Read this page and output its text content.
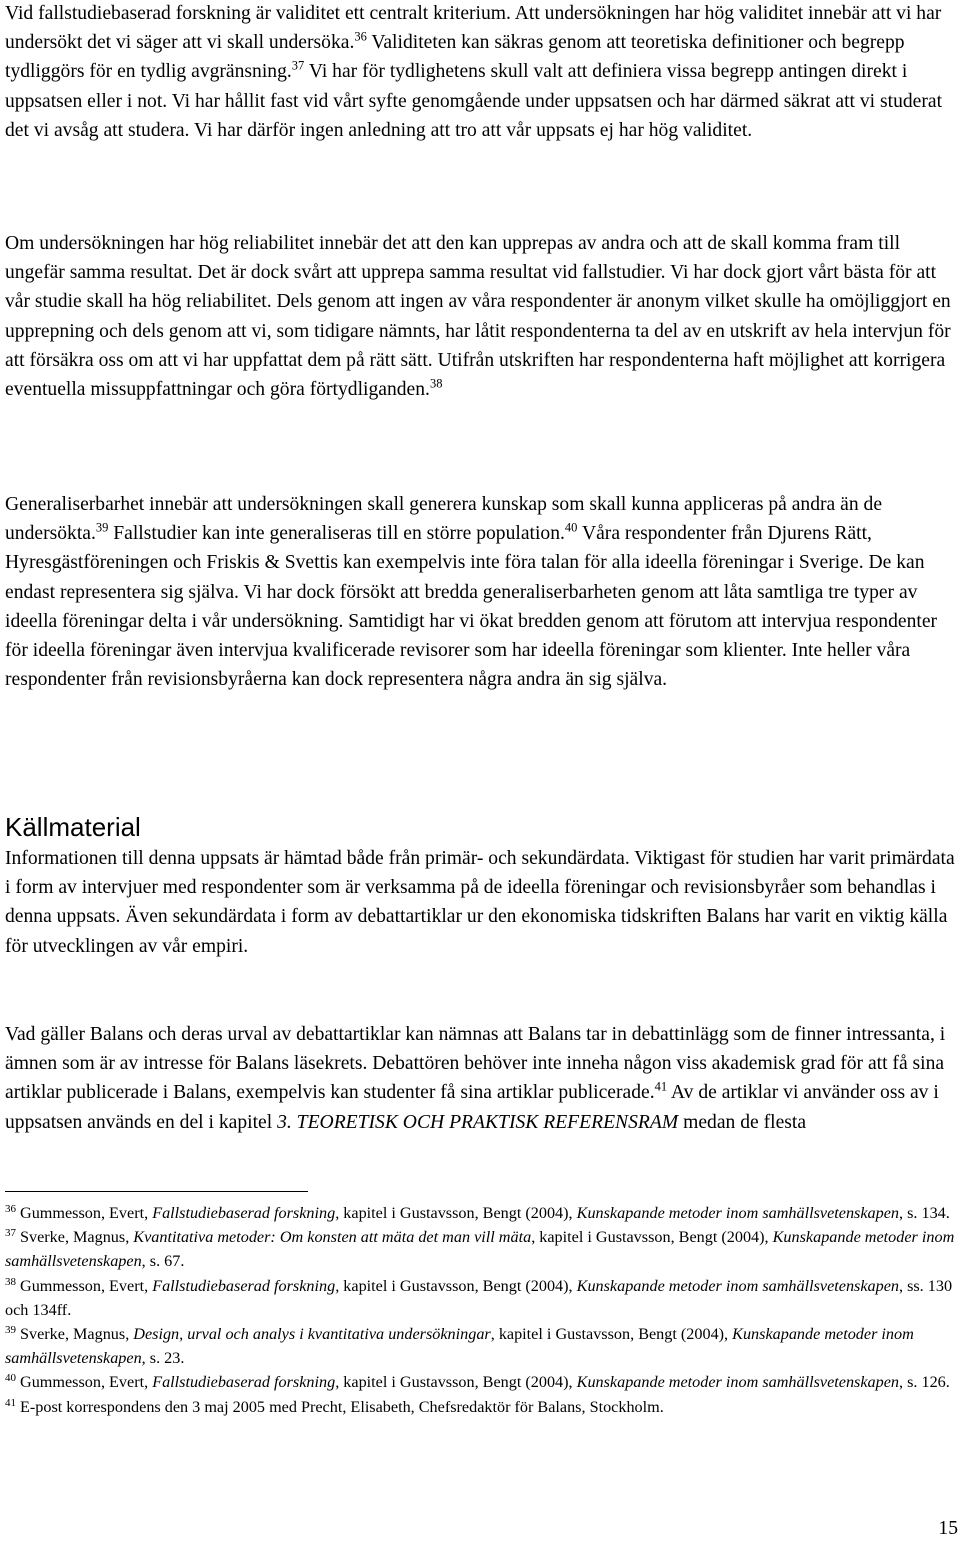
Vid fallstudiebaserad forskning är validitet ett centralt kriterium. Att undersökningen har hög validitet innebär att vi har undersökt det vi säger att vi skall undersöka.$^{36}$ Validiteten kan säkras genom att teoretiska definitioner och begrepp tydliggörs för en tydlig avgränsning.$^{37}$ Vi har för tydlighetens skull valt att definiera vissa begrepp antingen direkt i uppsatsen eller i not. Vi har hållit fast vid vårt syfte genomgående under uppsatsen och har därmed säkrat att vi studerat det vi avsåg att studera. Vi har därför ingen anledning att tro att vår uppsats ej har hög validitet.

Om undersökningen har hög reliabilitet innebär det att den kan upprepas av andra och att de skall komma fram till ungefär samma resultat. Det är dock svårt att upprepa samma resultat vid fallstudier. Vi har dock gjort vårt bästa för att vår studie skall ha hög reliabilitet. Dels genom att ingen av våra respondenter är anonym vilket skulle ha omöjliggjort en upprepning och dels genom att vi, som tidigare nämnts, har låtit respondenterna ta del av en utskrift av hela intervjun för att försäkra oss om att vi har uppfattat dem på rätt sätt. Utifrån utskriften har respondenterna haft möjlighet att korrigera eventuella missuppfattningar och göra förtydliganden.$^{38}$

Generaliserbarhet innebär att undersökningen skall generera kunskap som skall kunna appliceras på andra än de undersökta.$^{39}$ Fallstudier kan inte generaliseras till en större population.$^{40}$ Våra respondenter från Djurens Rätt, Hyresgästföreningen och Friskis & Svettis kan exempelvis inte föra talan för alla ideella föreningar i Sverige. De kan endast representera sig själva. Vi har dock försökt att bredda generaliserbarheten genom att låta samtliga tre typer av ideella föreningar delta i vår undersökning. Samtidigt har vi ökat bredden genom att förutom att intervjua respondenter för ideella föreningar även intervjua kvalificerade revisorer som har ideella föreningar som klienter. Inte heller våra respondenter från revisionsbyråerna kan dock representera några andra än sig själva.

Källmaterial

Informationen till denna uppsats är hämtad både från primär- och sekundärdata. Viktigast för studien har varit primärdata i form av intervjuer med respondenter som är verksamma på de ideella föreningar och revisionsbyråer som behandlas i denna uppsats. Även sekundärdata i form av debattartiklar ur den ekonomiska tidskriften Balans har varit en viktig källa för utvecklingen av vår empiri.

Vad gäller Balans och deras urval av debattartiklar kan nämnas att Balans tar in debattinlägg som de finner intressanta, i ämnen som är av intresse för Balans läsekrets. Debattören behöver inte inneha någon viss akademisk grad för att få sina artiklar publicerade i Balans, exempelvis kan studenter få sina artiklar publicerade.$^{41}$ Av de artiklar vi använder oss av i uppsatsen används en del i kapitel 3. TEORETISK OCH PRAKTISK REFERENSRAM medan de flesta

$^{36}$ Gummesson, Evert, Fallstudiebaserad forskning, kapitel i Gustavsson, Bengt (2004), Kunskapande metoder inom samhällsvetenskapen, s. 134.

$^{37}$ Sverke, Magnus, Kvantitativa metoder: Om konsten att mäta det man vill mäta, kapitel i Gustavsson, Bengt (2004), Kunskapande metoder inom samhällsvetenskapen, s. 67.

$^{38}$ Gummesson, Evert, Fallstudiebaserad forskning, kapitel i Gustavsson, Bengt (2004), Kunskapande metoder inom samhällsvetenskapen, ss. 130 och 134ff.

$^{39}$ Sverke, Magnus, Design, urval och analys i kvantitativa undersökningar, kapitel i Gustavsson, Bengt (2004), Kunskapande metoder inom samhällsvetenskapen, s. 23.

$^{40}$ Gummesson, Evert, Fallstudiebaserad forskning, kapitel i Gustavsson, Bengt (2004), Kunskapande metoder inom samhällsvetenskapen, s. 126.

$^{41}$ E-post korrespondens den 3 maj 2005 med Precht, Elisabeth, Chefsredaktör för Balans, Stockholm.

15
